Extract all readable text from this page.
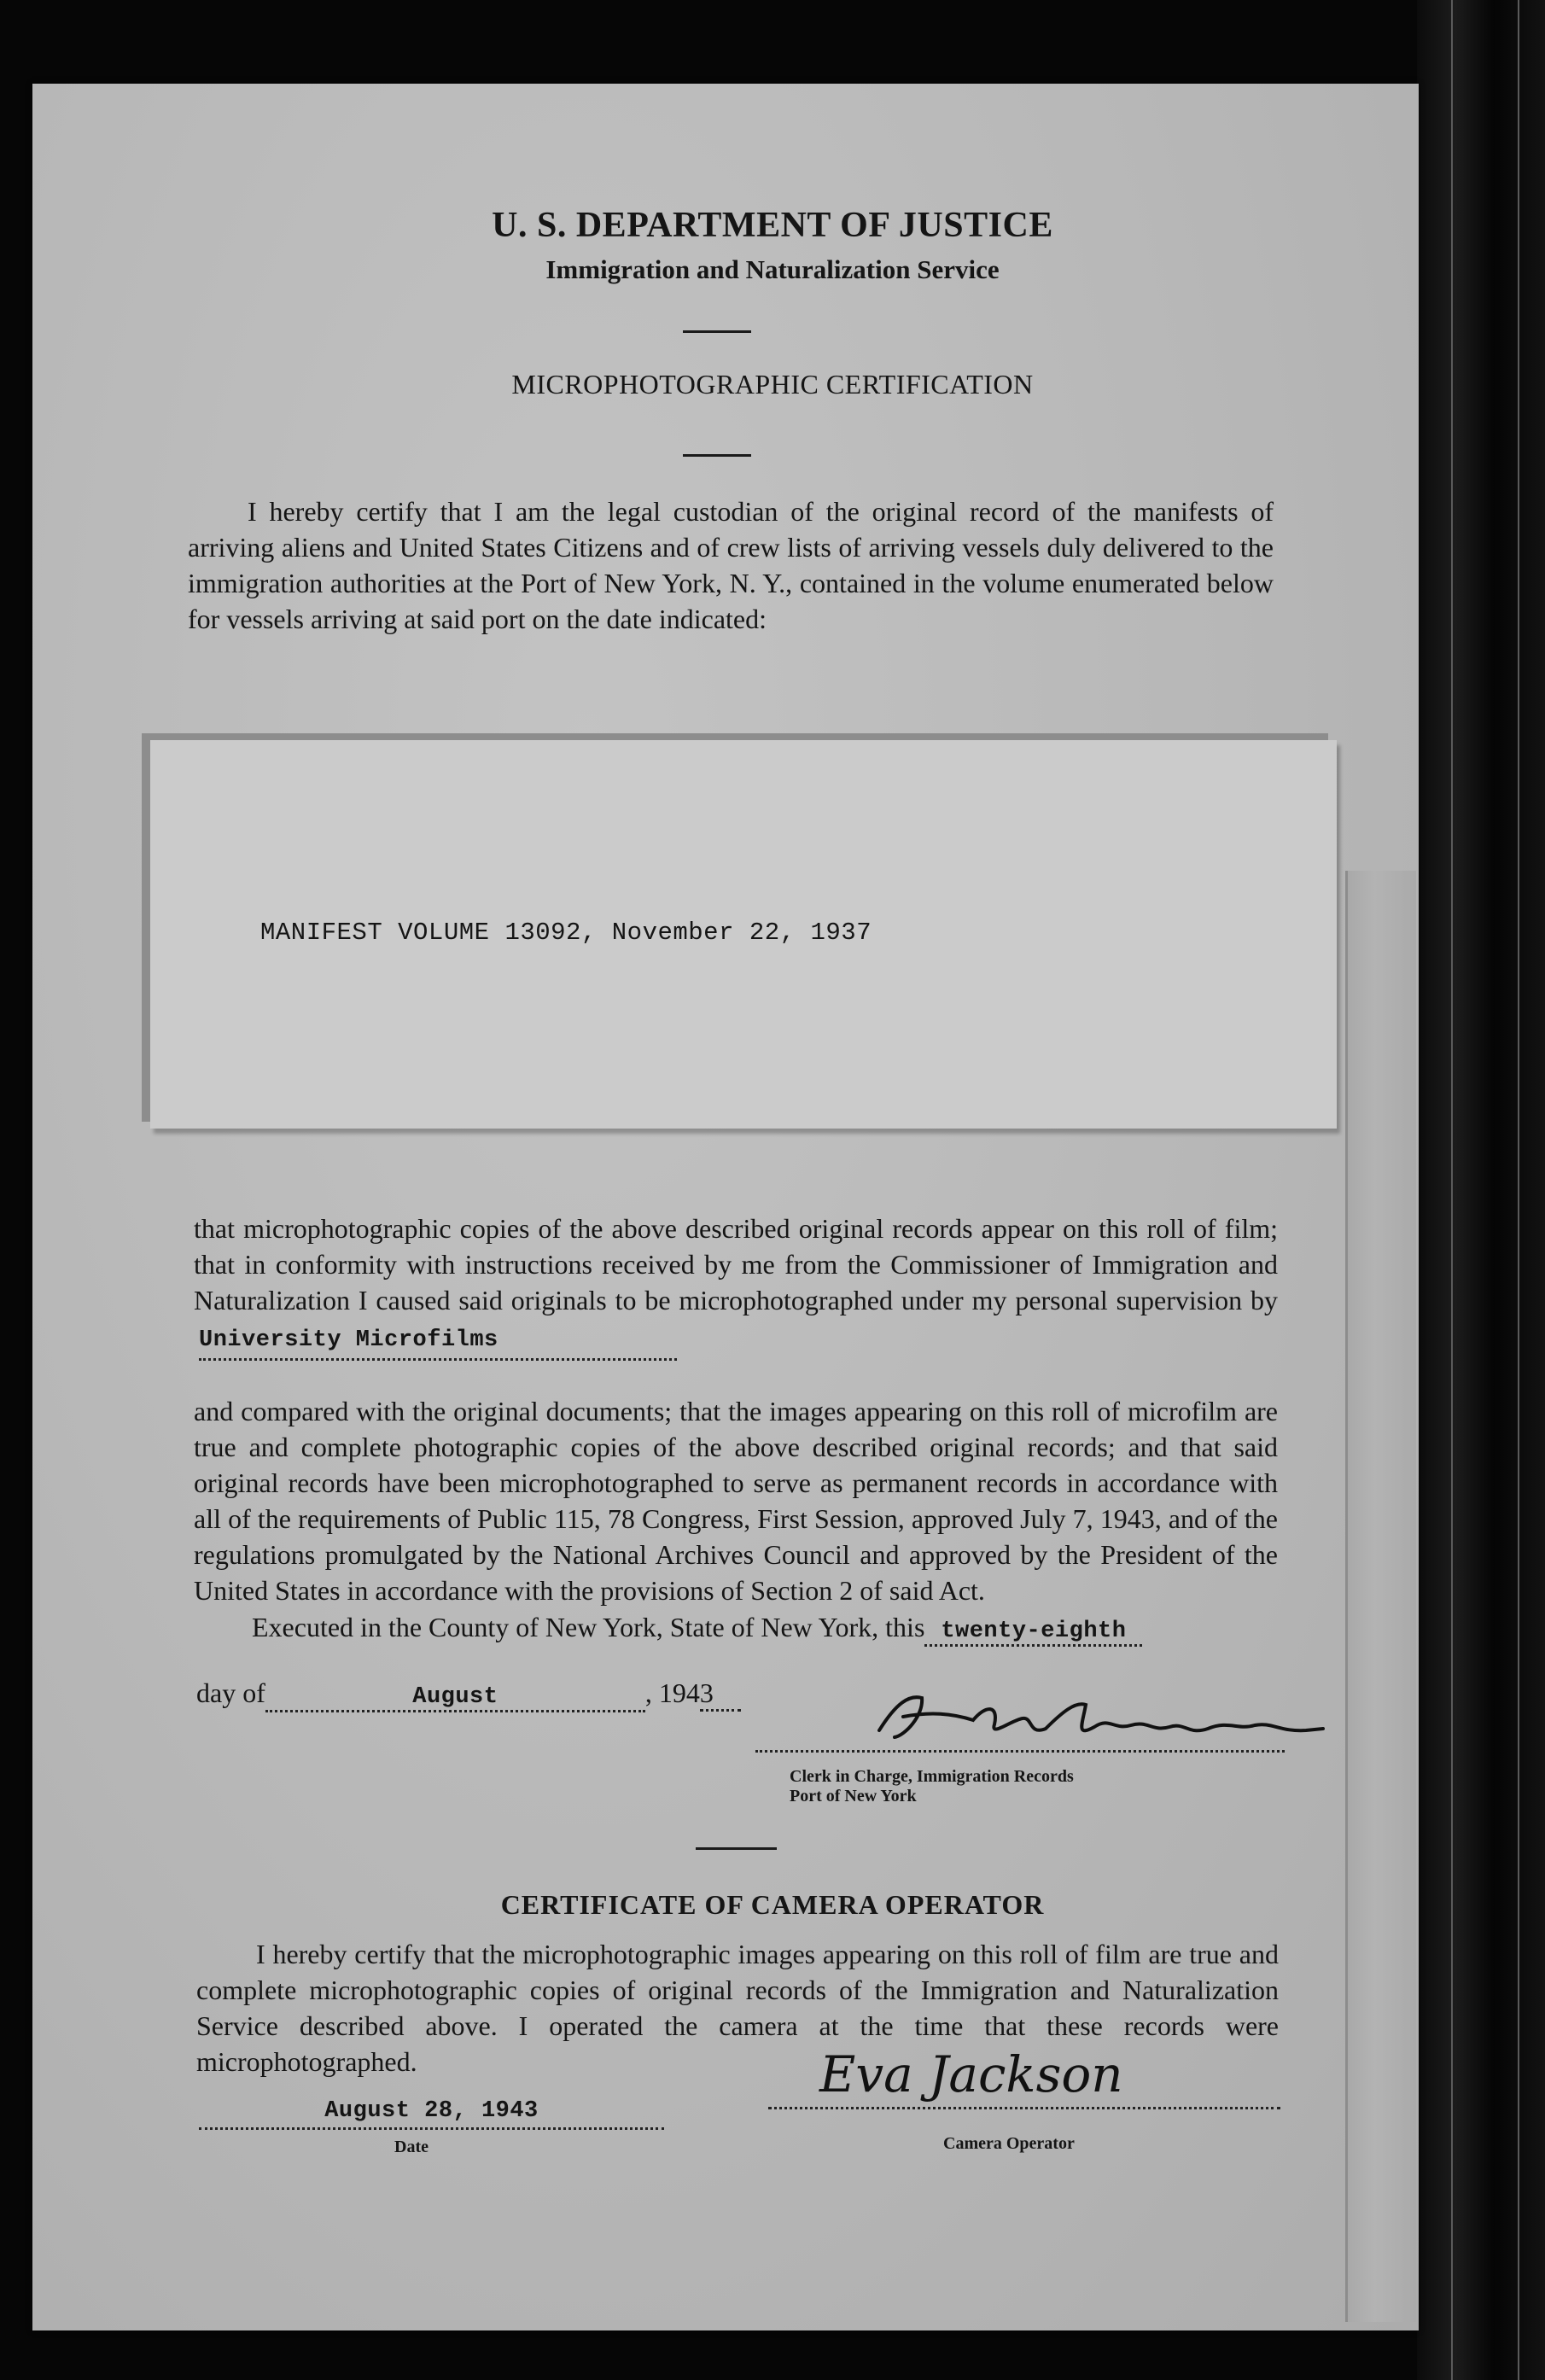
U. S. DEPARTMENT OF JUSTICE
Immigration and Naturalization Service
MICROPHOTOGRAPHIC CERTIFICATION

I hereby certify that I am the legal custodian of the original record of the manifests of arriving aliens and United States Citizens and of crew lists of arriving vessels duly delivered to the immigration authorities at the Port of New York, N. Y., contained in the volume enumerated below for vessels arriving at said port on the date indicated:

MANIFEST VOLUME 13092, November 22, 1937

that microphotographic copies of the above described original records appear on this roll of film; that in conformity with instructions received by me from the Commissioner of Immigration and Naturalization I caused said originals to be microphotographed under my personal supervision byUniversity Microfilms

and compared with the original documents; that the images appearing on this roll of microfilm are true and complete photographic copies of the above described original records; and that said original records have been microphotographed to serve as permanent records in accordance with all of the requirements of Public 115, 78 Congress, First Session, approved July 7, 1943, and of the regulations promulgated by the National Archives Council and approved by the President of the United States in accordance with the provisions of Section 2 of said Act.

Executed in the County of New York, State of New York, this twenty-eighth
day of	August	, 1943
Clerk in Charge, Immigration Records
Port of New York
CERTIFICATE OF CAMERA OPERATOR

I hereby certify that the microphotographic images appearing on this roll of film are true and complete microphotographic copies of original records of the Immigration and Naturalization Service described above. I operated the camera at the time that these records were microphotographed.

August 28, 1943
Date
Eva Jackson
Camera Operator
